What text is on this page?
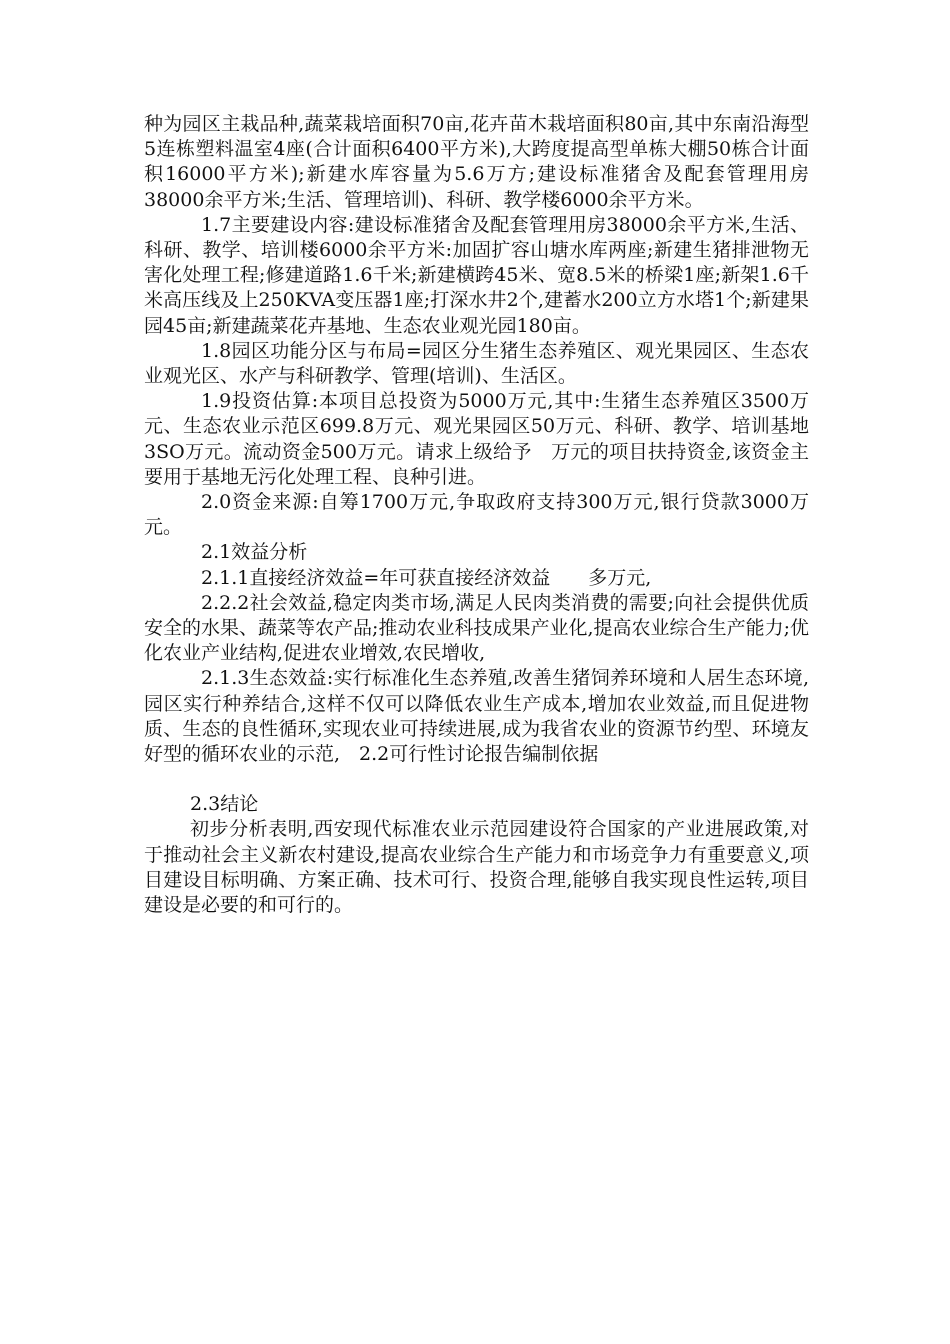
种为园区主栽品种,蔬菜栽培面积70亩,花卉苗木栽培面积80亩,其中东南沿海型5连栋塑料温室4座(合计面积6400平方米),大跨度提高型单栋大棚50栋合计面积16000平方米);新建水库容量为5.6万方;建设标准猪舍及配套管理用房38000余平方米;生活、管理培训)、科研、教学楼6000余平方米。

1.7主要建设内容:建设标准猪舍及配套管理用房38000余平方米,生活、科研、教学、培训楼6000余平方米:加固扩容山塘水库两座;新建生猪排泄物无害化处理工程;修建道路1.6千米;新建横跨45米、宽8.5米的桥梁1座;新架1.6千米高压线及上250KVA变压器1座;打深水井2个,建蓄水200立方水塔1个;新建果园45亩;新建蔬菜花卉基地、生态农业观光园180亩。

1.8园区功能分区与布局=园区分生猪生态养殖区、观光果园区、生态农业观光区、水产与科研教学、管理(培训)、生活区。

1.9投资估算:本项目总投资为5000万元,其中:生猪生态养殖区3500万元、生态农业示范区699.8万元、观光果园区50万元、科研、教学、培训基地3SO万元。流动资金500万元。请求上级给予　万元的项目扶持资金,该资金主要用于基地无污化处理工程、良种引进。

2.0资金来源:自筹1700万元,争取政府支持300万元,银行贷款3000万元。

2.1效益分析

2.1.1直接经济效益=年可获直接经济效益　　多万元,

2.2.2社会效益,稳定肉类市场,满足人民肉类消费的需要;向社会提供优质安全的水果、蔬菜等农产品;推动农业科技成果产业化,提高农业综合生产能力;优化农业产业结构,促进农业增效,农民增收,

2.1.3生态效益:实行标准化生态养殖,改善生猪饲养环境和人居生态环境,园区实行种养结合,这样不仅可以降低农业生产成本,增加农业效益,而且促进物质、生态的良性循环,实现农业可持续进展,成为我省农业的资源节约型、环境友好型的循环农业的示范,　2.2可行性讨论报告编制依据

2.3结论

初步分析表明,西安现代标准农业示范园建设符合国家的产业进展政策,对于推动社会主义新农村建设,提高农业综合生产能力和市场竞争力有重要意义,项目建设目标明确、方案正确、技术可行、投资合理,能够自我实现良性运转,项目建设是必要的和可行的。
